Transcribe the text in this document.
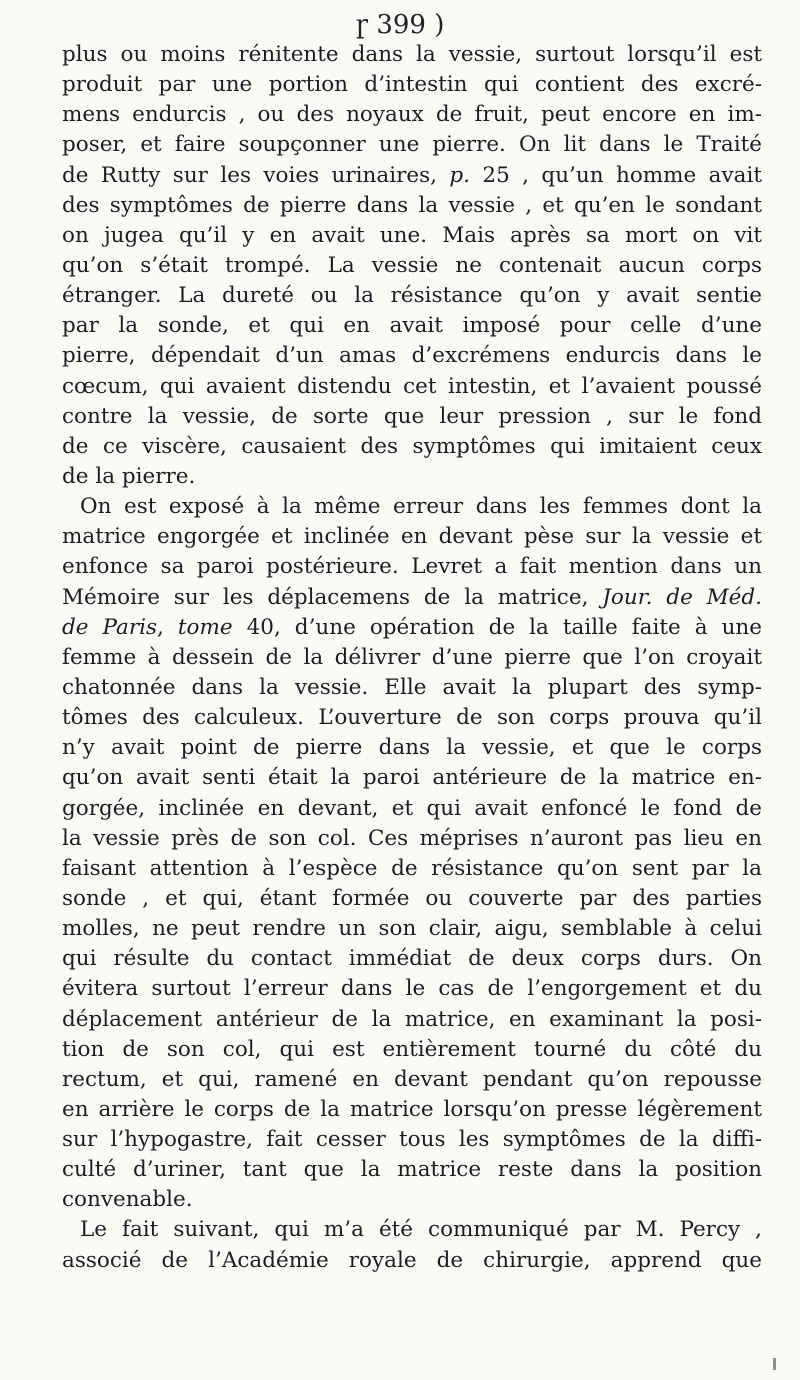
ɼ 399 )
plus ou moins rénitente dans la vessie, surtout lorsqu’il est
produit par une portion d’intestin qui contient des excré-
mens endurcis , ou des noyaux de fruit, peut encore en im-
poser, et faire soupçonner une pierre. On lit dans le Traité
de Rutty sur les voies urinaires, p. 25 , qu’un homme avait
des symptômes de pierre dans la vessie , et qu’en le sondant
on jugea qu’il y en avait une. Mais après sa mort on vit
qu’on s’était trompé. La vessie ne contenait aucun corps
étranger. La dureté ou la résistance qu’on y avait sentie
par la sonde, et qui en avait imposé pour celle d’une
pierre, dépendait d’un amas d’excrémens endurcis dans le
cœcum, qui avaient distendu cet intestin, et l’avaient poussé
contre la vessie, de sorte que leur pression , sur le fond
de ce viscère, causaient des symptômes qui imitaient ceux
de la pierre.
On est exposé à la même erreur dans les femmes dont la
matrice engorgée et inclinée en devant pèse sur la vessie et
enfonce sa paroi postérieure. Levret a fait mention dans un
Mémoire sur les déplacemens de la matrice, Jour. de Méd.
de Paris, tome 40, d’une opération de la taille faite à une
femme à dessein de la délivrer d’une pierre que l’on croyait
chatonnée dans la vessie. Elle avait la plupart des symp-
tômes des calculeux. L’ouverture de son corps prouva qu’il
n’y avait point de pierre dans la vessie, et que le corps
qu’on avait senti était la paroi antérieure de la matrice en-
gorgée, inclinée en devant, et qui avait enfoncé le fond de
la vessie près de son col. Ces méprises n’auront pas lieu en
faisant attention à l’espèce de résistance qu’on sent par la
sonde , et qui, étant formée ou couverte par des parties
molles, ne peut rendre un son clair, aigu, semblable à celui
qui résulte du contact immédiat de deux corps durs. On
évitera surtout l’erreur dans le cas de l’engorgement et du
déplacement antérieur de la matrice, en examinant la posi-
tion de son col, qui est entièrement tourné du côté du
rectum, et qui, ramené en devant pendant qu’on repousse
en arrière le corps de la matrice lorsqu’on presse légèrement
sur l’hypogastre, fait cesser tous les symptômes de la diffi-
culté d’uriner, tant que la matrice reste dans la position
convenable.
Le fait suivant, qui m’a été communiqué par M. Percy ,
associé de l’Académie royale de chirurgie, apprend que
